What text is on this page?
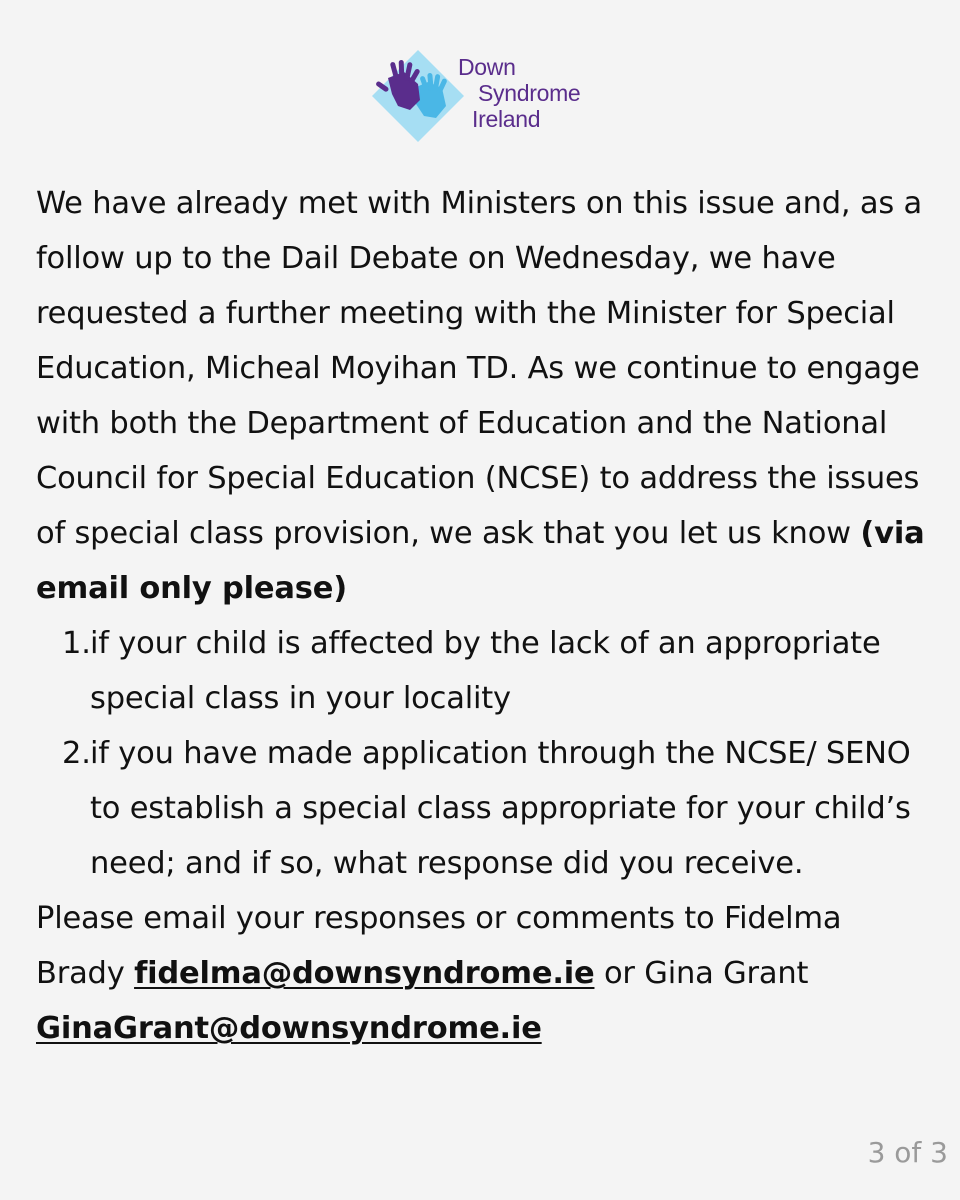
Down
Syndrome
Ireland

We have already met with Ministers on this issue and, as a follow up to the Dail Debate on Wednesday, we have requested a further meeting with the Minister for Special Education, Micheal Moyihan TD. As we continue to engage with both the Department of Education and the National Council for Special Education (NCSE) to address the issues of special class provision, we ask that you let us know (via email only please)

1. if your child is affected by the lack of an appropriate special class in your locality
2. if you have made application through the NCSE/ SENO to establish a special class appropriate for your child’s need; and if so, what response did you receive.

Please email your responses or comments to Fidelma Brady fidelma@downsyndrome.ie or Gina Grant
GinaGrant@downsyndrome.ie

3 of 3
